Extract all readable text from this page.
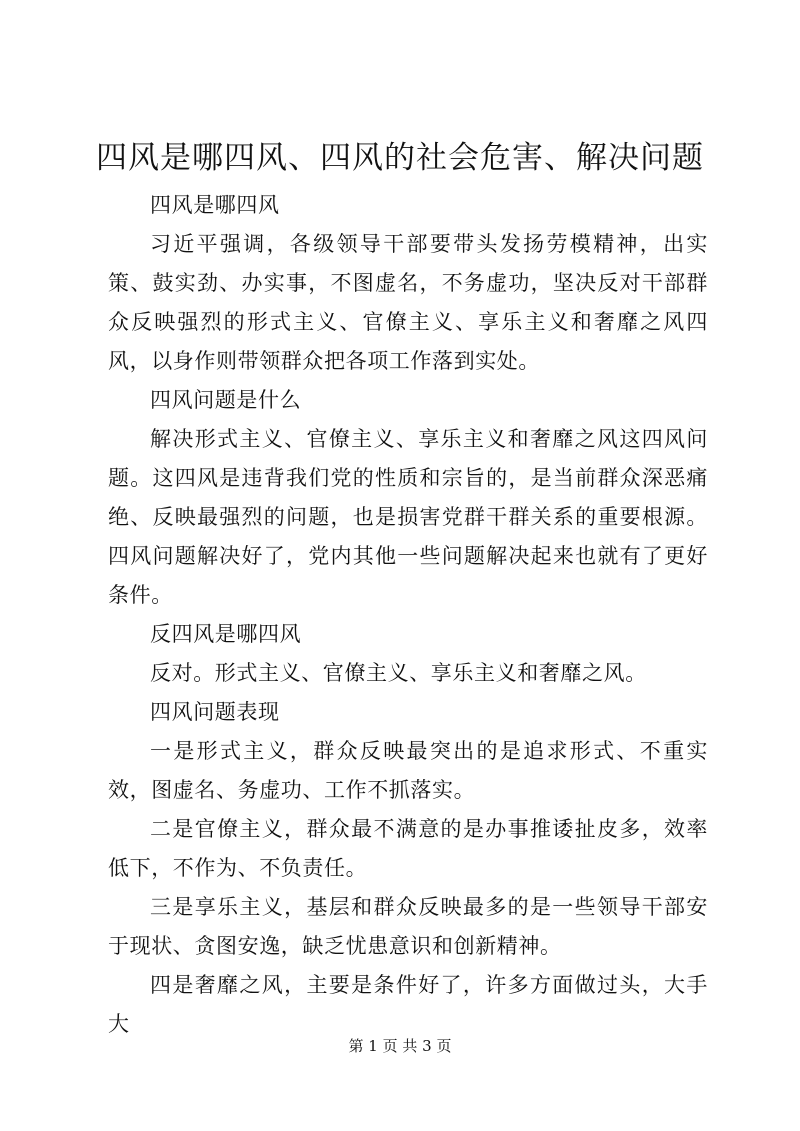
四风是哪四风、四风的社会危害、解决问题

四风是哪四风

习近平强调，各级领导干部要带头发扬劳模精神，出实策、鼓实劲、办实事，不图虚名，不务虚功，坚决反对干部群众反映强烈的形式主义、官僚主义、享乐主义和奢靡之风四风，以身作则带领群众把各项工作落到实处。

四风问题是什么

解决形式主义、官僚主义、享乐主义和奢靡之风这四风问题。这四风是违背我们党的性质和宗旨的，是当前群众深恶痛绝、反映最强烈的问题，也是损害党群干群关系的重要根源。四风问题解决好了，党内其他一些问题解决起来也就有了更好条件。

反四风是哪四风

反对。形式主义、官僚主义、享乐主义和奢靡之风。

四风问题表现

一是形式主义，群众反映最突出的是追求形式、不重实效，图虚名、务虚功、工作不抓落实。

二是官僚主义，群众最不满意的是办事推诿扯皮多，效率低下，不作为、不负责任。

三是享乐主义，基层和群众反映最多的是一些领导干部安于现状、贪图安逸，缺乏忧患意识和创新精神。

四是奢靡之风，主要是条件好了，许多方面做过头，大手大

第 1 页 共 3 页
